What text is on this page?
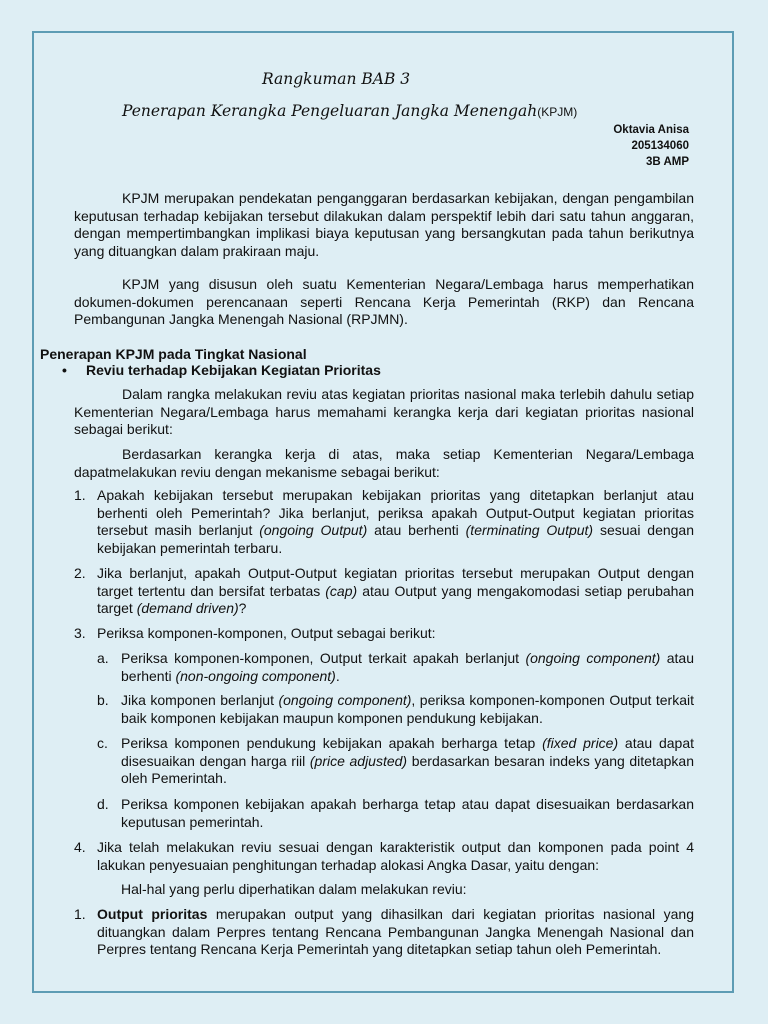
Rangkuman BAB 3
Penerapan Kerangka Pengeluaran Jangka Menengah(KPJM)
Oktavia Anisa
205134060
3B AMP

KPJM merupakan pendekatan penganggaran berdasarkan kebijakan, dengan pengambilan keputusan terhadap kebijakan tersebut dilakukan dalam perspektif lebih dari satu tahun anggaran, dengan mempertimbangkan implikasi biaya keputusan yang bersangkutan pada tahun berikutnya yang dituangkan dalam prakiraan maju.

KPJM yang disusun oleh suatu Kementerian Negara/Lembaga harus memperhatikan dokumen-dokumen perencanaan seperti Rencana Kerja Pemerintah (RKP) dan Rencana Pembangunan Jangka Menengah Nasional (RPJMN).

Penerapan KPJM pada Tingkat Nasional
• Reviu terhadap Kebijakan Kegiatan Prioritas

Dalam rangka melakukan reviu atas kegiatan prioritas nasional maka terlebih dahulu setiap Kementerian Negara/Lembaga harus memahami kerangka kerja dari kegiatan prioritas nasional sebagai berikut:

Berdasarkan kerangka kerja di atas, maka setiap Kementerian Negara/Lembaga dapatmelakukan reviu dengan mekanisme sebagai berikut:

1. Apakah kebijakan tersebut merupakan kebijakan prioritas yang ditetapkan berlanjut atau berhenti oleh Pemerintah? Jika berlanjut, periksa apakah Output-Output kegiatan prioritas tersebut masih berlanjut (ongoing Output) atau berhenti (terminating Output) sesuai dengan kebijakan pemerintah terbaru.

2. Jika berlanjut, apakah Output-Output kegiatan prioritas tersebut merupakan Output dengan target tertentu dan bersifat terbatas (cap) atau Output yang mengakomodasi setiap perubahan target (demand driven)?

3. Periksa komponen-komponen, Output sebagai berikut:

a. Periksa komponen-komponen, Output terkait apakah berlanjut (ongoing component) atau berhenti (non-ongoing component).

b. Jika komponen berlanjut (ongoing component), periksa komponen-komponen Output terkait baik komponen kebijakan maupun komponen pendukung kebijakan.

c. Periksa komponen pendukung kebijakan apakah berharga tetap (fixed price) atau dapat disesuaikan dengan harga riil (price adjusted) berdasarkan besaran indeks yang ditetapkan oleh Pemerintah.

d. Periksa komponen kebijakan apakah berharga tetap atau dapat disesuaikan berdasarkan keputusan pemerintah.

4. Jika telah melakukan reviu sesuai dengan karakteristik output dan komponen pada point 4 lakukan penyesuaian penghitungan terhadap alokasi Angka Dasar, yaitu dengan:

Hal-hal yang perlu diperhatikan dalam melakukan reviu:

1. Output prioritas merupakan output yang dihasilkan dari kegiatan prioritas nasional yang dituangkan dalam Perpres tentang Rencana Pembangunan Jangka Menengah Nasional dan Perpres tentang Rencana Kerja Pemerintah yang ditetapkan setiap tahun oleh Pemerintah.
